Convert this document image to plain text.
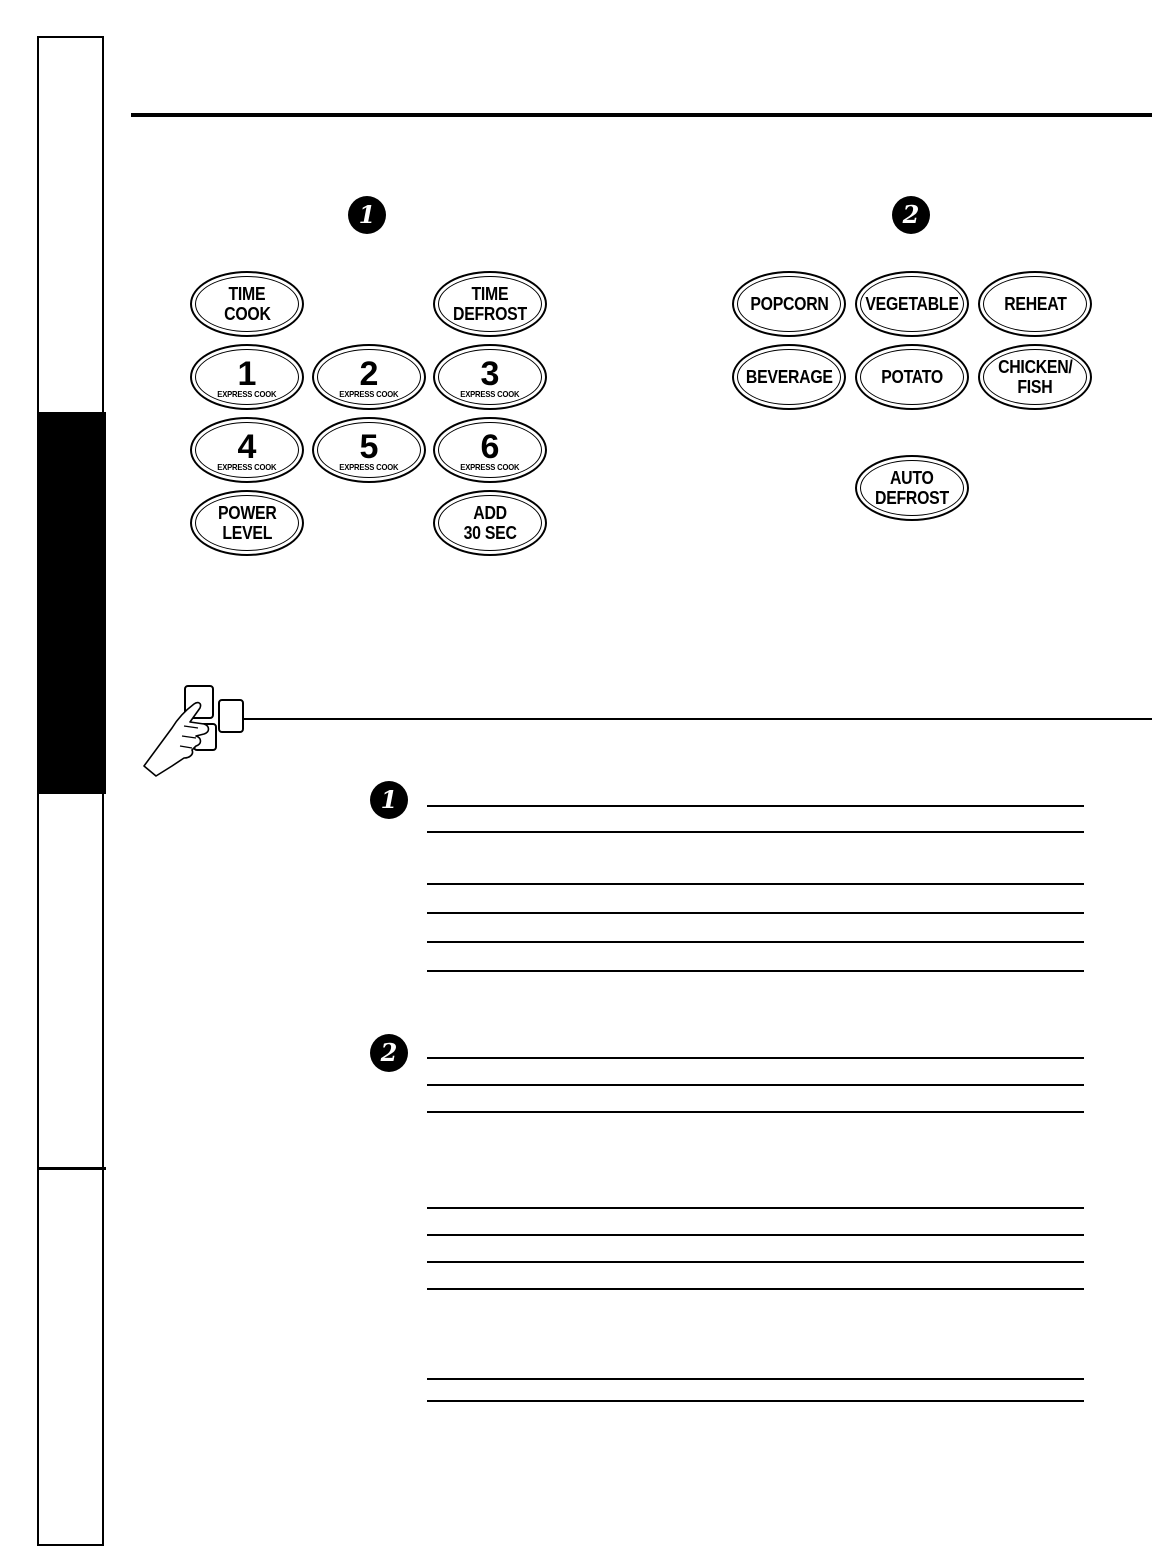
1	2
TIME
COOK
TIME
DEFROST
1
EXPRESS COOK
2
EXPRESS COOK
3
EXPRESS COOK
4
EXPRESS COOK
5
EXPRESS COOK
6
EXPRESS COOK
POWER
LEVEL
ADD
30 SEC
POPCORN VEGETABLE	REHEAT
BEVERAGE	POTATO	CHICKEN/
FISH
AUTO
DEFROST
1
2
